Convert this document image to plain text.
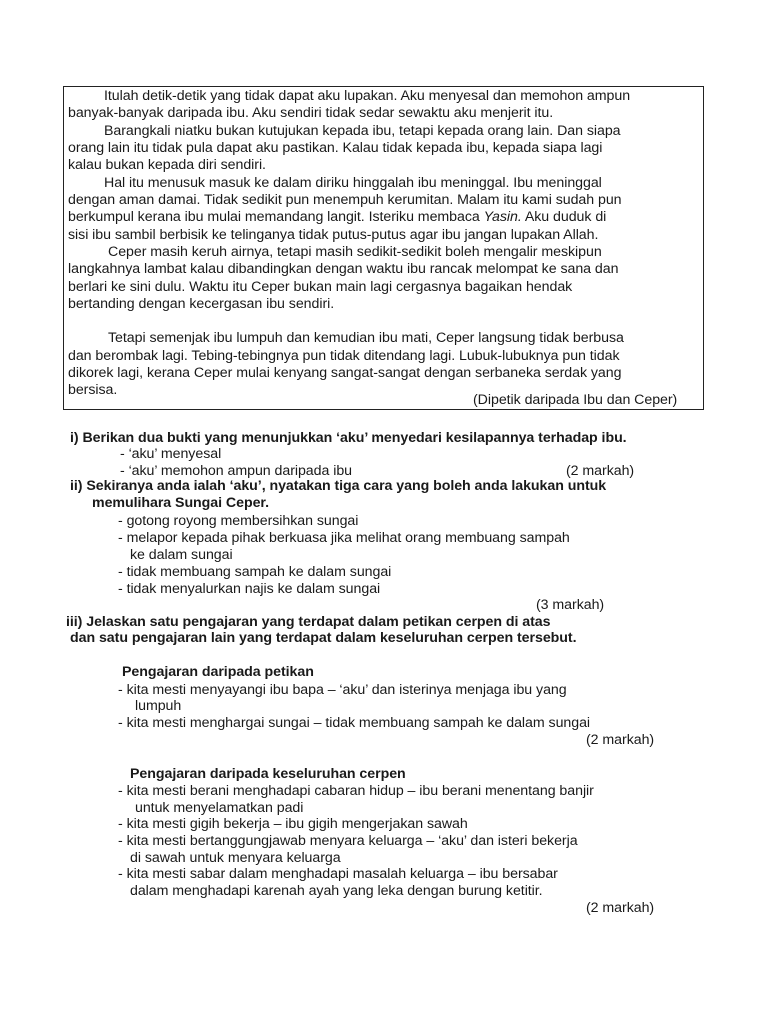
Itulah detik-detik yang tidak dapat aku lupakan. Aku menyesal dan memohon ampun
banyak-banyak daripada ibu. Aku sendiri tidak sedar sewaktu aku menjerit itu.
Barangkali niatku bukan kutujukan kepada ibu, tetapi kepada orang lain. Dan siapa
orang lain itu tidak pula dapat aku pastikan. Kalau tidak kepada ibu, kepada siapa lagi
kalau bukan kepada diri sendiri.
Hal itu menusuk masuk ke dalam diriku hinggalah ibu meninggal. Ibu meninggal
dengan aman damai. Tidak sedikit pun menempuh kerumitan. Malam itu kami sudah pun
berkumpul kerana ibu mulai memandang langit. Isteriku membaca Yasin. Aku duduk di
sisi ibu sambil berbisik ke telinganya tidak putus-putus agar ibu jangan lupakan Allah.
Ceper masih keruh airnya, tetapi masih sedikit-sedikit boleh mengalir meskipun
langkahnya lambat kalau dibandingkan dengan waktu ibu rancak melompat ke sana dan
berlari ke sini dulu. Waktu itu Ceper bukan main lagi cergasnya bagaikan hendak
bertanding dengan kecergasan ibu sendiri.
Tetapi semenjak ibu lumpuh dan kemudian ibu mati, Ceper langsung tidak berbusa
dan berombak lagi. Tebing-tebingnya pun tidak ditendang lagi. Lubuk-lubuknya pun tidak
dikorek lagi, kerana Ceper mulai kenyang sangat-sangat dengan serbaneka serdak yang
bersisa.
(Dipetik daripada Ibu dan Ceper)
i) Berikan dua bukti yang menunjukkan ‘aku’ menyedari kesilapannya terhadap ibu.
- ‘aku’ menyesal
- ‘aku’ memohon ampun daripada ibu	(2 markah)
ii) Sekiranya anda ialah ‘aku’, nyatakan tiga cara yang boleh anda lakukan untuk
memulihara Sungai Ceper.
- gotong royong membersihkan sungai
- melapor kepada pihak berkuasa jika melihat orang membuang sampah
ke dalam sungai
- tidak membuang sampah ke dalam sungai
- tidak menyalurkan najis ke dalam sungai
(3 markah)
iii) Jelaskan satu pengajaran yang terdapat dalam petikan cerpen di atas
dan satu pengajaran lain yang terdapat dalam keseluruhan cerpen tersebut.
Pengajaran daripada petikan
- kita mesti menyayangi ibu bapa – ‘aku’ dan isterinya menjaga ibu yang
lumpuh
- kita mesti menghargai sungai – tidak membuang sampah ke dalam sungai
(2 markah)
Pengajaran daripada keseluruhan cerpen
- kita mesti berani menghadapi cabaran hidup – ibu berani menentang banjir
untuk menyelamatkan padi
- kita mesti gigih bekerja – ibu gigih mengerjakan sawah
- kita mesti bertanggungjawab menyara keluarga – ‘aku’ dan isteri bekerja
di sawah untuk menyara keluarga
- kita mesti sabar dalam menghadapi masalah keluarga – ibu bersabar
dalam menghadapi karenah ayah yang leka dengan burung ketitir.
(2 markah)
